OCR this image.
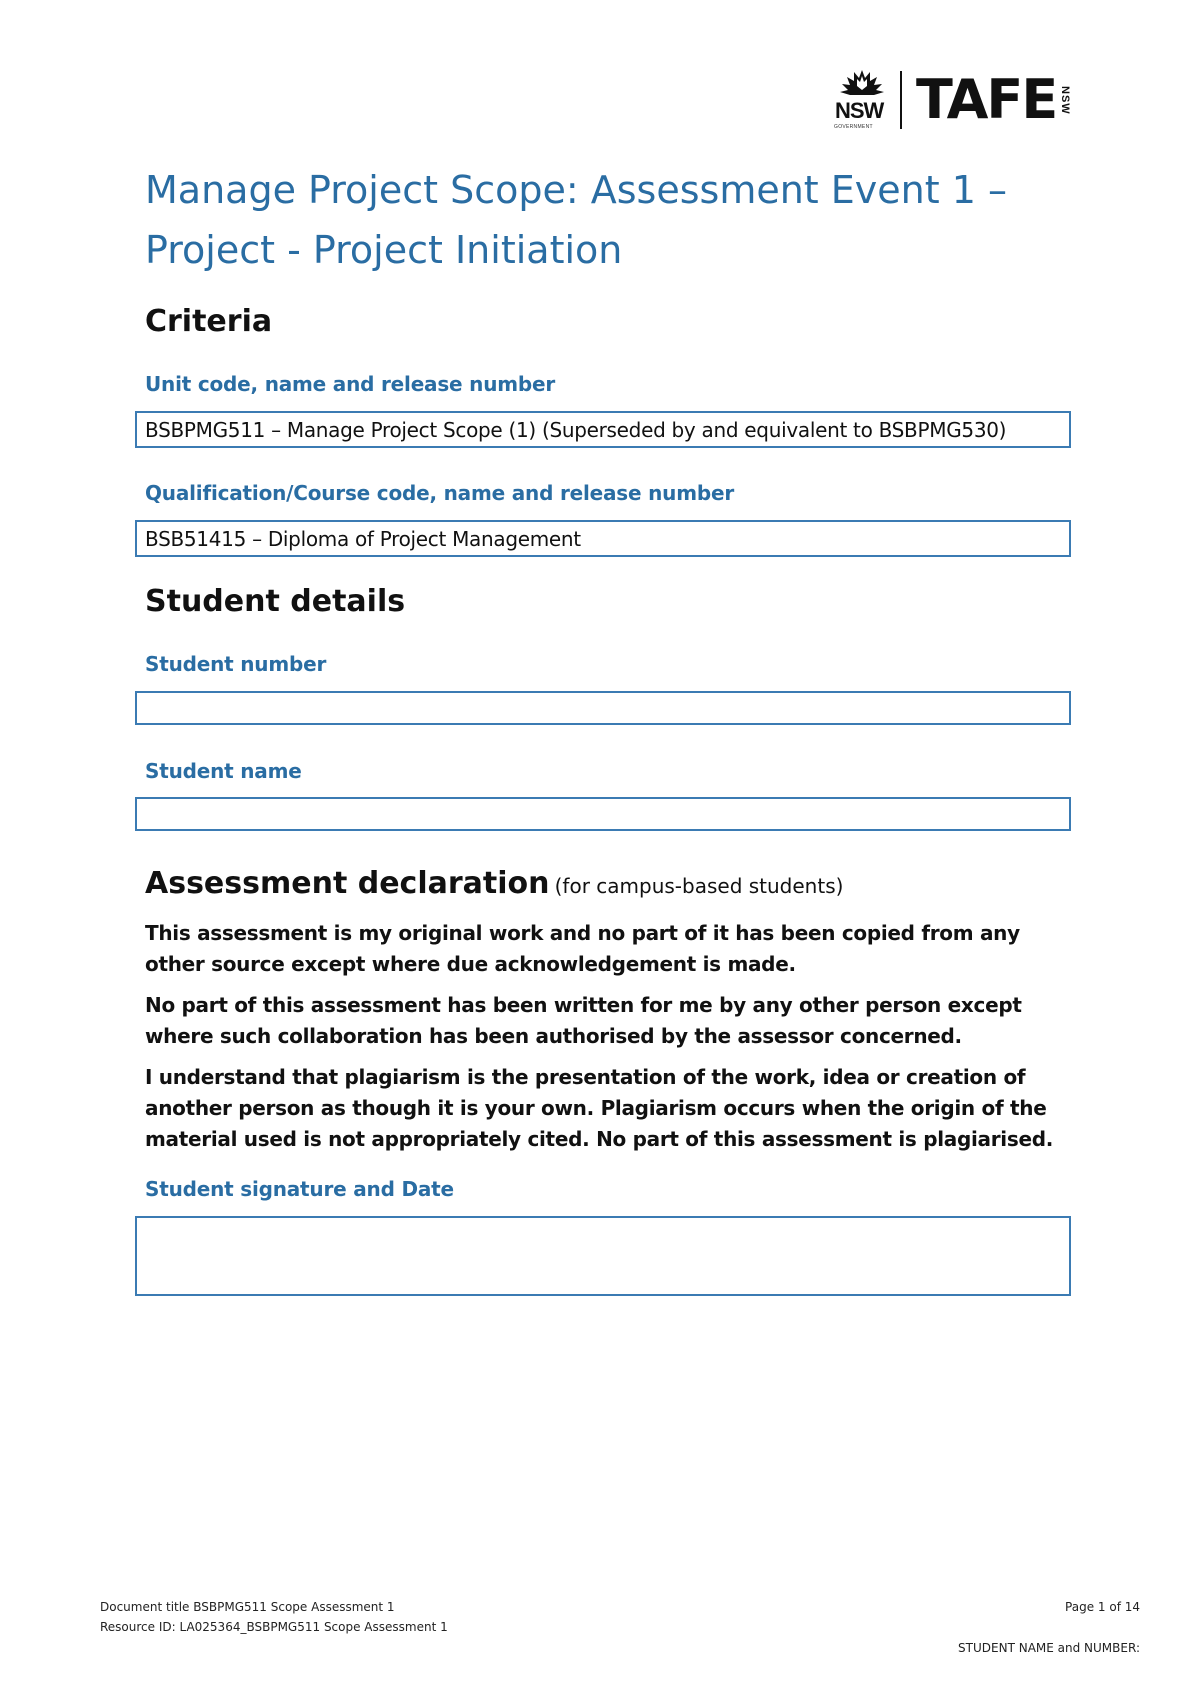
NSW
GOVERNMENT TAFE NSW
Manage Project Scope: Assessment Event 1 – Project - Project Initiation
Criteria
Unit code, name and release number
BSBPMG511 – Manage Project Scope (1) (Superseded by and equivalent to BSBPMG530)
Qualification/Course code, name and release number
BSB51415 – Diploma of Project Management
Student details
Student number
Student name
Assessment declaration (for campus-based students)

This assessment is my original work and no part of it has been copied from any other source except where due acknowledgement is made.

No part of this assessment has been written for me by any other person except where such collaboration has been authorised by the assessor concerned.

I understand that plagiarism is the presentation of the work, idea or creation of another person as though it is your own. Plagiarism occurs when the origin of the material used is not appropriately cited. No part of this assessment is plagiarised.

Student signature and Date
Document title BSBPMG511 Scope Assessment 1	Page 1 of 14
Resource ID: LA025364_BSBPMG511 Scope Assessment 1
STUDENT NAME and NUMBER:
